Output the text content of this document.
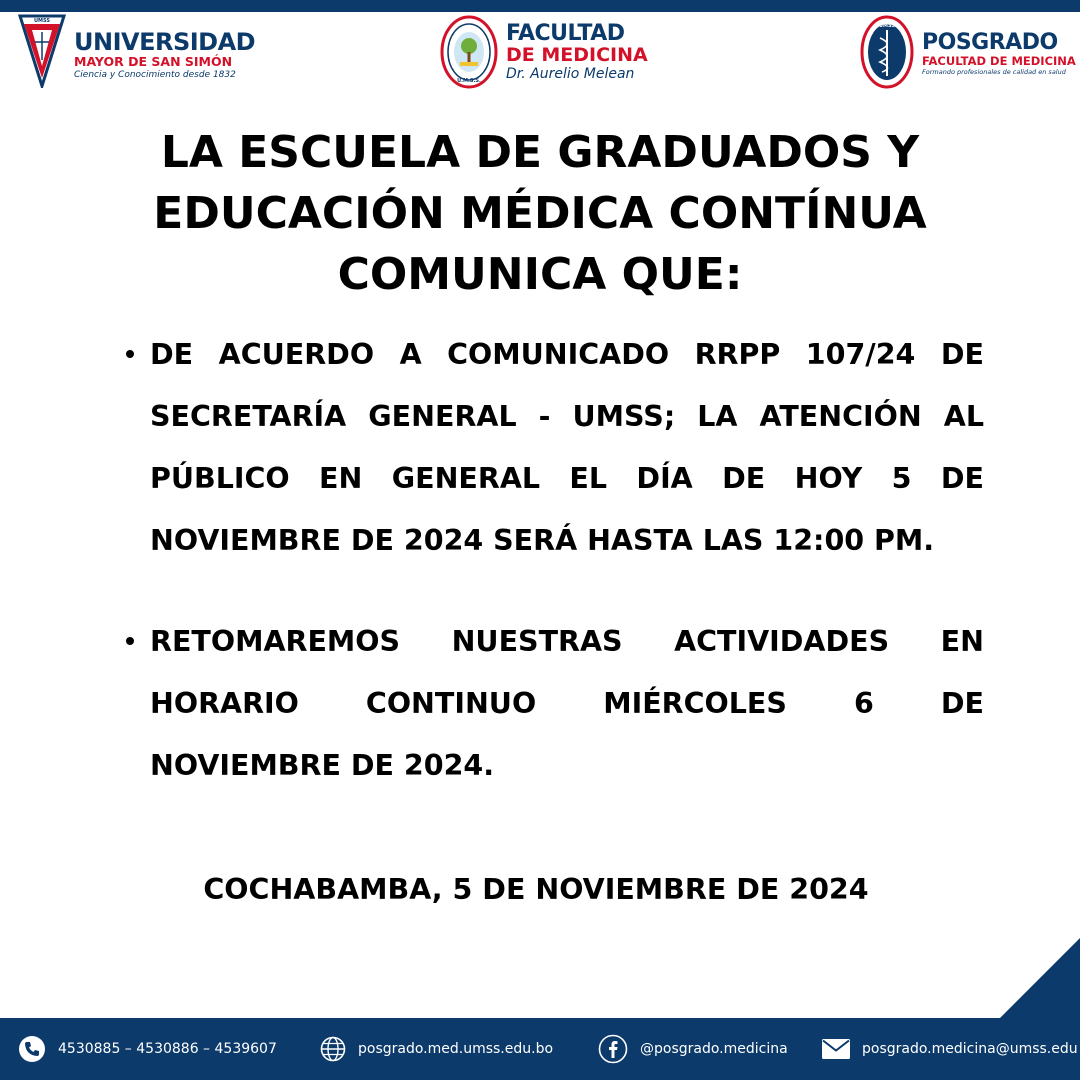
UMSS
UNIVERSIDAD
MAYOR DE SAN SIMÓN
Ciencia y Conocimiento desde 1832
U.M.S.S.
FACULTAD
DE MEDICINA
Dr. Aurelio Melean
UMSS
POSGRADO
FACULTAD DE MEDICINA
Formando profesionales de calidad en salud
LA ESCUELA DE GRADUADOS Y
EDUCACIÓN MÉDICA CONTÍNUA
COMUNICA QUE:
DE ACUERDO A COMUNICADO RRPP 107/24 DE
SECRETARÍA GENERAL - UMSS; LA ATENCIÓN AL
PÚBLICO EN GENERAL EL DÍA DE HOY 5 DE
NOVIEMBRE DE 2024 SERÁ HASTA LAS 12:00 PM.
RETOMAREMOS NUESTRAS ACTIVIDADES EN
HORARIO CONTINUO MIÉRCOLES 6 DE
NOVIEMBRE DE 2024.
COCHABAMBA, 5 DE NOVIEMBRE DE 2024
4530885 – 4530886 – 4539607	posgrado.med.umss.edu.bo	@posgrado.medicina	posgrado.medicina@umss.edu
